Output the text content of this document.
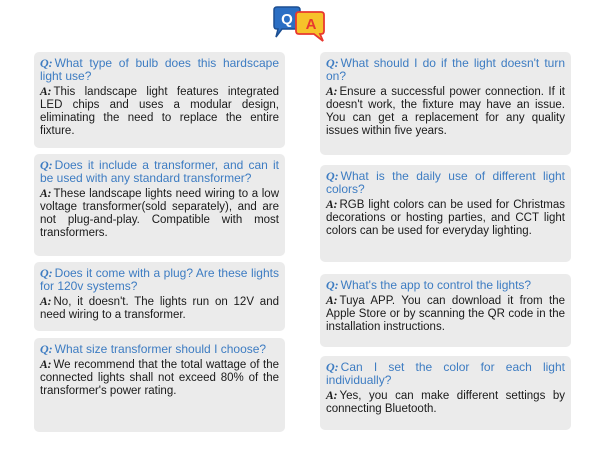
Q A

Q: What type of bulb does this hardscape light use?

A: This landscape light features integrated LED chips and uses a modular design, eliminating the need to replace the entire fixture.

Q: Does it include a transformer, and can it be used with any standard transformer?

A: These landscape lights need wiring to a low voltage transformer(sold separately), and are not plug-and-play. Compatible with most transformers.

Q: Does it come with a plug? Are these lights for 120v systems?

A: No, it doesn't. The lights run on 12V and need wiring to a transformer.

Q: What size transformer should I choose?

A: We recommend that the total wattage of the connected lights shall not exceed 80% of the transformer's power rating.

Q: What should I do if the light doesn't turn on?

A: Ensure a successful power connection. If it doesn't work, the fixture may have an issue. You can get a replacement for any quality issues within five years.

Q: What is the daily use of different light colors?

A: RGB light colors can be used for Christmas decorations or hosting parties, and CCT light colors can be used for everyday lighting.

Q: What's the app to control the lights?

A: Tuya APP. You can download it from the Apple Store or by scanning the QR code in the installation instructions.

Q: Can I set the color for each light individually?

A: Yes, you can make different settings by connecting Bluetooth.
